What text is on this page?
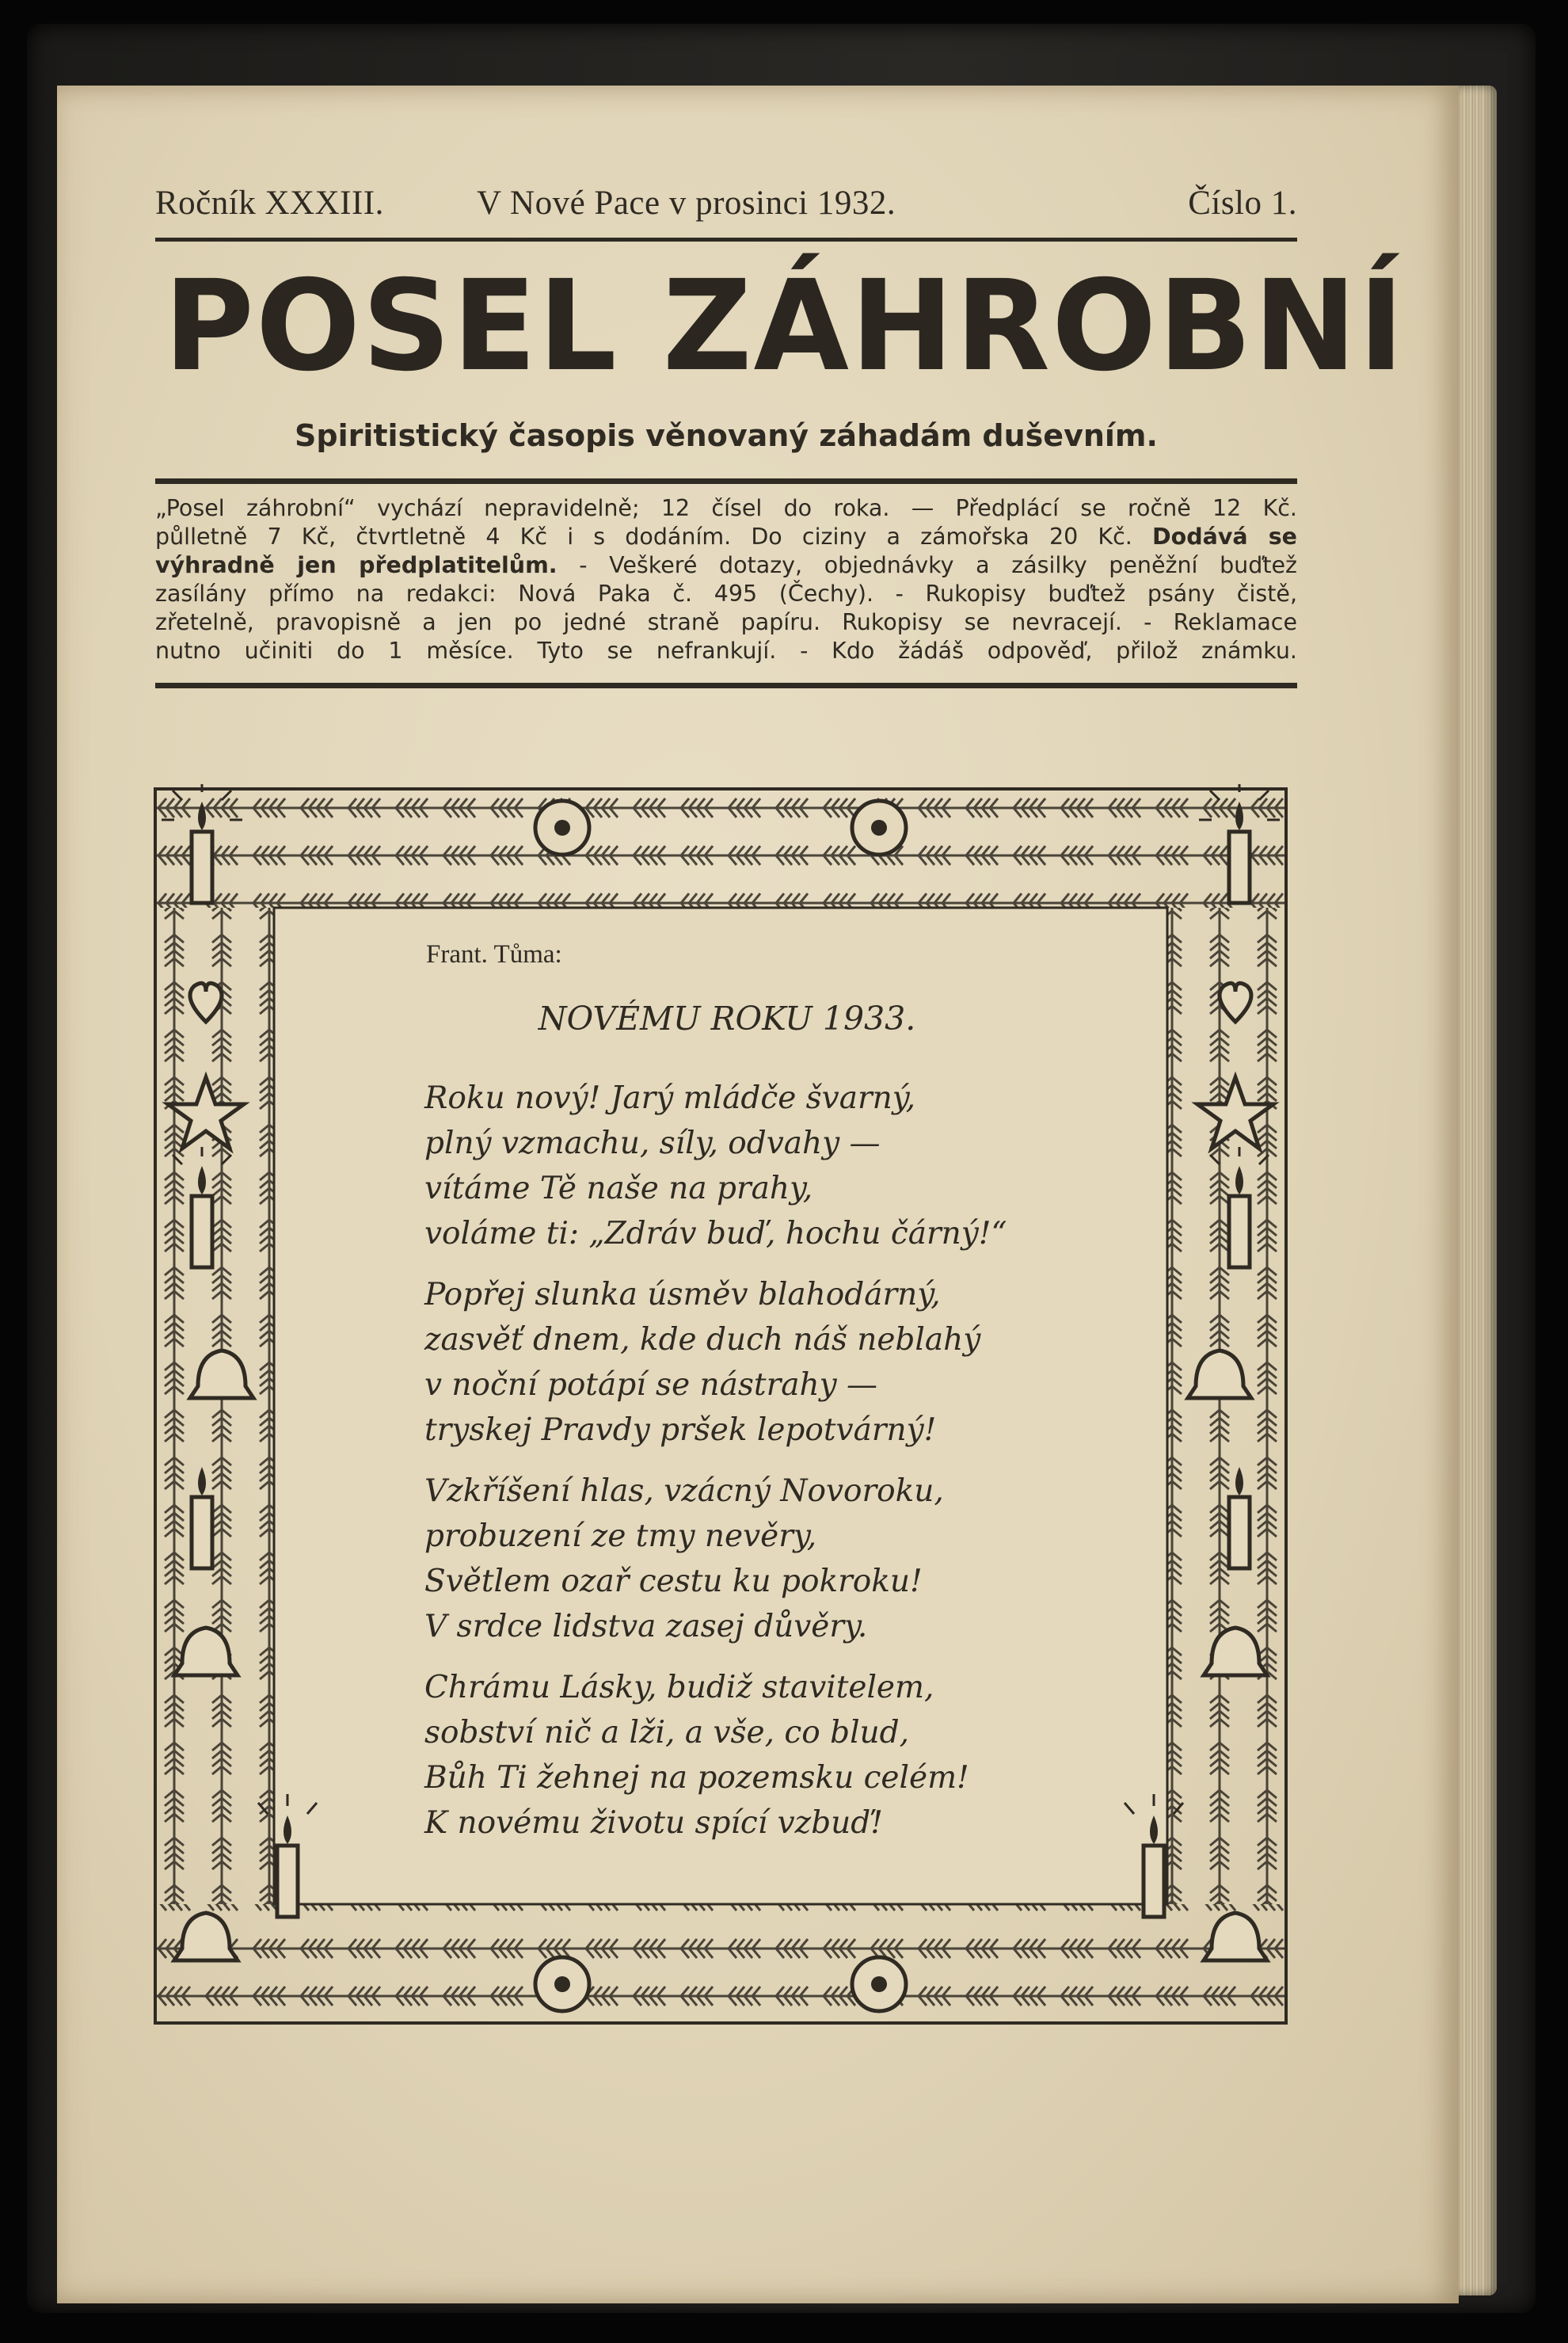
Ročník XXXIII.	V Nové Pace v prosinci 1932.	Číslo 1.
POSEL ZÁHROBNÍ
Spiritistický časopis věnovaný záhadám duševním.
„Posel záhrobní“ vychází nepravidelně; 12 čísel do roka. — Předplácí se ročně 12 Kč.
půlletně 7 Kč, čtvrtletně 4 Kč i s dodáním. Do ciziny a zámořska 20 Kč. Dodává se
výhradně jen předplatitelům. - Veškeré dotazy, objednávky a zásilky peněžní buďtež
zasílány přímo na redakci: Nová Paka č. 495 (Čechy). - Rukopisy buďtež psány čistě,
zřetelně, pravopisně a jen po jedné straně papíru. Rukopisy se nevracejí. - Reklamace
nutno učiniti do 1 měsíce. Tyto se nefrankují. - Kdo žádáš odpověď, přilož známku.
Frant. Tůma:
NOVÉMU ROKU 1933.
Roku nový! Jarý mládče švarný,
plný vzmachu, síly, odvahy —
vítáme Tě naše na prahy,
voláme ti: „Zdráv buď, hochu čárný!“
Popřej slunka úsměv blahodárný,
zasvěť dnem, kde duch náš neblahý
v noční potápí se nástrahy —
tryskej Pravdy pršek lepotvárný!
Vzkříšení hlas, vzácný Novoroku,
probuzení ze tmy nevěry,
Světlem ozař cestu ku pokroku!
V srdce lidstva zasej důvěry.
Chrámu Lásky, budiž stavitelem,
sobství nič a lži, a vše, co blud,
Bůh Ti žehnej na pozemsku celém!
K novému životu spící vzbuď!
